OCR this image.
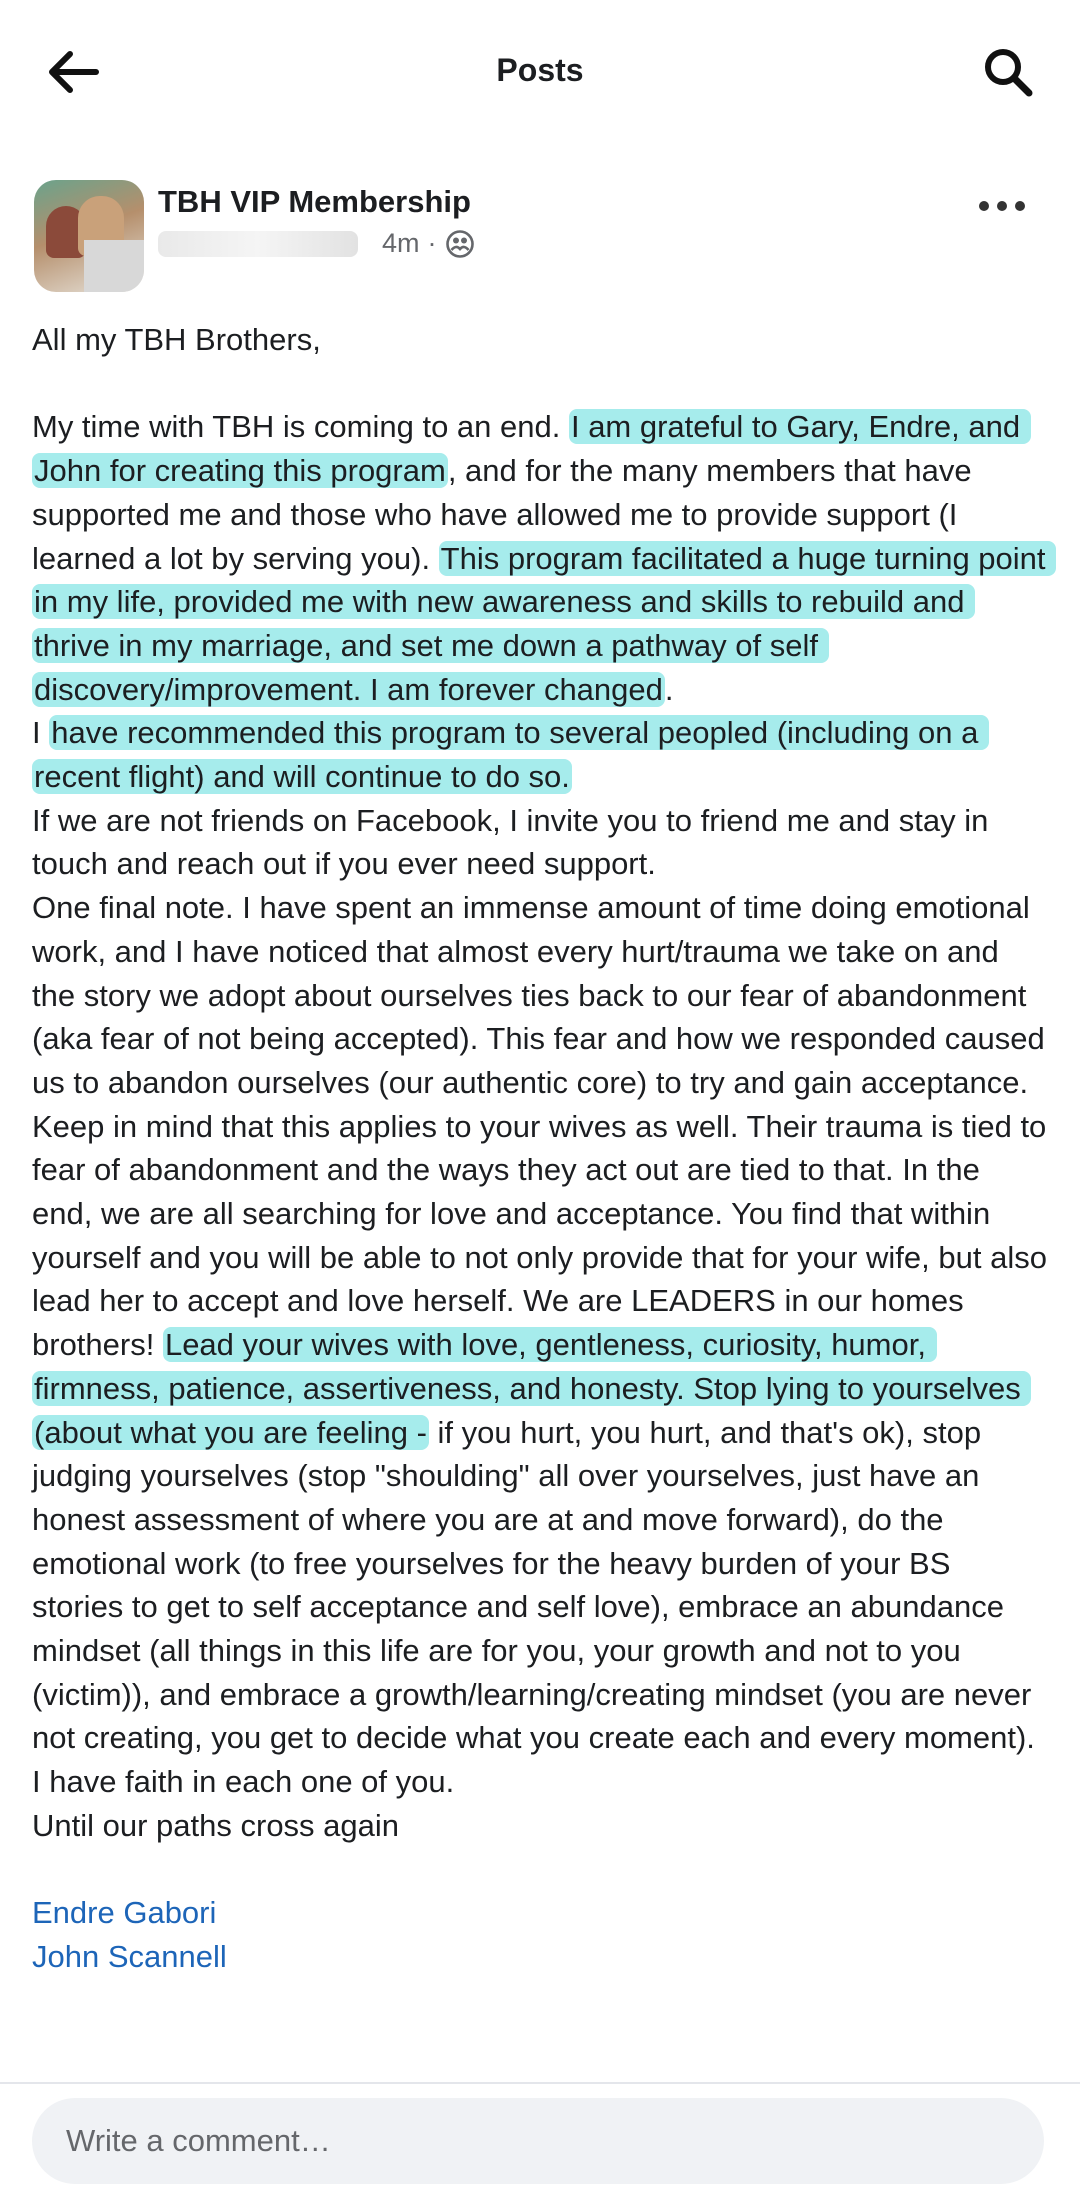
Posts
TBH VIP Membership
4m ·

All my TBH Brothers,

My time with TBH is coming to an end. I am grateful to Gary, Endre, and John for creating this program, and for the many members that have supported me and those who have allowed me to provide support (I learned a lot by serving you). This program facilitated a huge turning point in my life, provided me with new awareness and skills to rebuild and thrive in my marriage, and set me down a pathway of self discovery/improvement. I am forever changed.

I have recommended this program to several peopled (including on a recent flight) and will continue to do so.

If we are not friends on Facebook, I invite you to friend me and stay in touch and reach out if you ever need support.

One final note. I have spent an immense amount of time doing emotional work, and I have noticed that almost every hurt/trauma we take on and the story we adopt about ourselves ties back to our fear of abandonment (aka fear of not being accepted). This fear and how we responded caused us to abandon ourselves (our authentic core) to try and gain acceptance. Keep in mind that this applies to your wives as well. Their trauma is tied to fear of abandonment and the ways they act out are tied to that. In the end, we are all searching for love and acceptance. You find that within yourself and you will be able to not only provide that for your wife, but also lead her to accept and love herself. We are LEADERS in our homes brothers! Lead your wives with love, gentleness, curiosity, humor, firmness, patience, assertiveness, and honesty. Stop lying to yourselves (about what you are feeling - if you hurt, you hurt, and that's ok), stop judging yourselves (stop "shoulding" all over yourselves, just have an honest assessment of where you are at and move forward), do the emotional work (to free yourselves for the heavy burden of your BS stories to get to self acceptance and self love), embrace an abundance mindset (all things in this life are for you, your growth and not to you (victim)), and embrace a growth/learning/creating mindset (you are never not creating, you get to decide what you create each and every moment). I have faith in each one of you.

Until our paths cross again

Endre Gabori
John Scannell
Write a comment…
